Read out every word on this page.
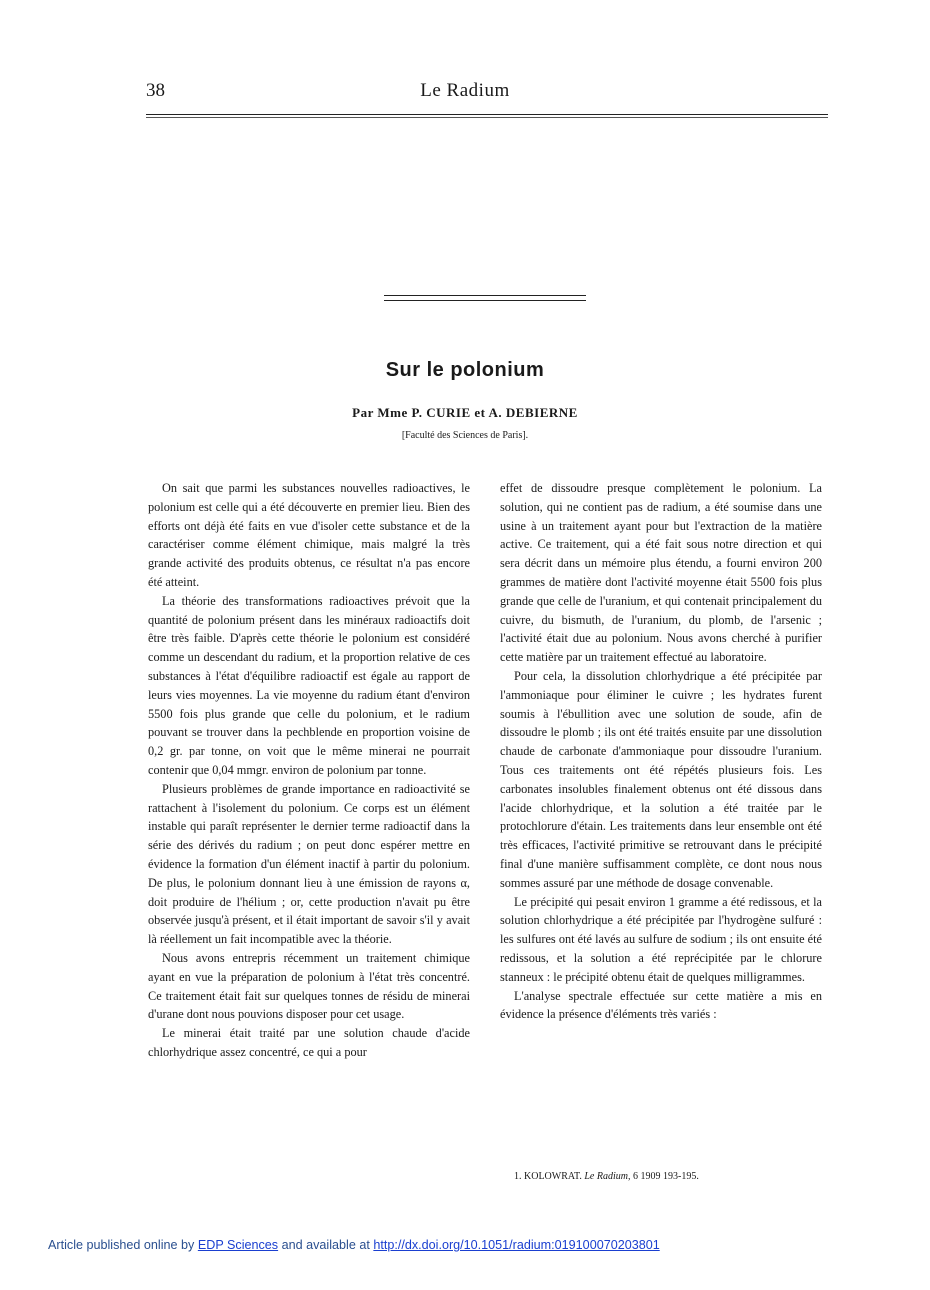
38	Le Radium
Sur le polonium
Par Mme P. CURIE et A. DEBIERNE
[Faculté des Sciences de Paris].

On sait que parmi les substances nouvelles radioactives, le polonium est celle qui a été découverte en premier lieu. Bien des efforts ont déjà été faits en vue d'isoler cette substance et de la caractériser comme élément chimique, mais malgré la très grande activité des produits obtenus, ce résultat n'a pas encore été atteint.

La théorie des transformations radioactives prévoit que la quantité de polonium présent dans les minéraux radioactifs doit être très faible. D'après cette théorie le polonium est considéré comme un descendant du radium, et la proportion relative de ces substances à l'état d'équilibre radioactif est égale au rapport de leurs vies moyennes. La vie moyenne du radium étant d'environ 5500 fois plus grande que celle du polonium, et le radium pouvant se trouver dans la pechblende en proportion voisine de 0,2 gr. par tonne, on voit que le même minerai ne pourrait contenir que 0,04 mmgr. environ de polonium par tonne.

Plusieurs problèmes de grande importance en radioactivité se rattachent à l'isolement du polonium. Ce corps est un élément instable qui paraît représenter le dernier terme radioactif dans la série des dérivés du radium ; on peut donc espérer mettre en évidence la formation d'un élément inactif à partir du polonium. De plus, le polonium donnant lieu à une émission de rayons α, doit produire de l'hélium ; or, cette production n'avait pu être observée jusqu'à présent, et il était important de savoir s'il y avait là réellement un fait incompatible avec la théorie.

Nous avons entrepris récemment un traitement chimique ayant en vue la préparation de polonium à l'état très concentré. Ce traitement était fait sur quelques tonnes de résidu de minerai d'urane dont nous pouvions disposer pour cet usage.

Le minerai était traité par une solution chaude d'acide chlorhydrique assez concentré, ce qui a pour

effet de dissoudre presque complètement le polonium. La solution, qui ne contient pas de radium, a été soumise dans une usine à un traitement ayant pour but l'extraction de la matière active. Ce traitement, qui a été fait sous notre direction et qui sera décrit dans un mémoire plus étendu, a fourni environ 200 grammes de matière dont l'activité moyenne était 5500 fois plus grande que celle de l'uranium, et qui contenait principalement du cuivre, du bismuth, de l'uranium, du plomb, de l'arsenic ; l'activité était due au polonium. Nous avons cherché à purifier cette matière par un traitement effectué au laboratoire.

Pour cela, la dissolution chlorhydrique a été précipitée par l'ammoniaque pour éliminer le cuivre ; les hydrates furent soumis à l'ébullition avec une solution de soude, afin de dissoudre le plomb ; ils ont été traités ensuite par une dissolution chaude de carbonate d'ammoniaque pour dissoudre l'uranium. Tous ces traitements ont été répétés plusieurs fois. Les carbonates insolubles finalement obtenus ont été dissous dans l'acide chlorhydrique, et la solution a été traitée par le protochlorure d'étain. Les traitements dans leur ensemble ont été très efficaces, l'activité primitive se retrouvant dans le précipité final d'une manière suffisamment complète, ce dont nous nous sommes assuré par une méthode de dosage convenable.

Le précipité qui pesait environ 1 gramme a été redissous, et la solution chlorhydrique a été précipitée par l'hydrogène sulfuré : les sulfures ont été lavés au sulfure de sodium ; ils ont ensuite été redissous, et la solution a été reprécipitée par le chlorure stanneux : le précipité obtenu était de quelques milligrammes.

L'analyse spectrale effectuée sur cette matière a mis en évidence la présence d'éléments très variés :

1. KOLOWRAT. Le Radium, 6 1909 193-195.
Article published online by EDP Sciences and available at http://dx.doi.org/10.1051/radium:019100070203801
